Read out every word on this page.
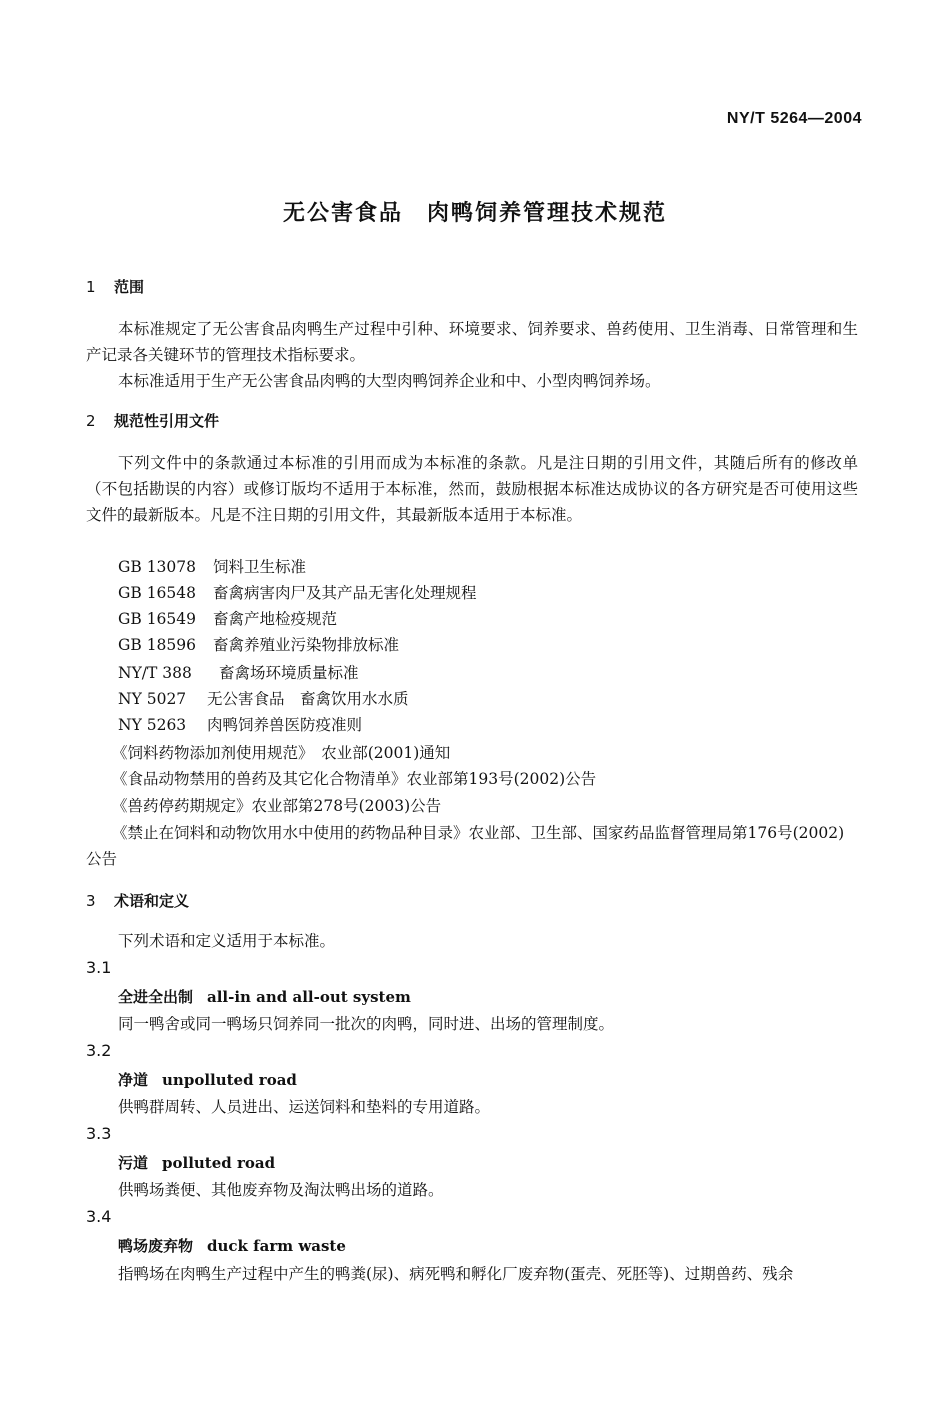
NY/T 5264—2004
无公害食品　肉鸭饲养管理技术规范
1 范围
本标准规定了无公害食品肉鸭生产过程中引种、环境要求、饲养要求、兽药使用、卫生消毒、日常管理和生产记录各关键环节的管理技术指标要求。
本标准适用于生产无公害食品肉鸭的大型肉鸭饲养企业和中、小型肉鸭饲养场。
2 规范性引用文件
下列文件中的条款通过本标准的引用而成为本标准的条款。凡是注日期的引用文件，其随后所有的修改单（不包括勘误的内容）或修订版均不适用于本标准，然而，鼓励根据本标准达成协议的各方研究是否可使用这些文件的最新版本。凡是不注日期的引用文件，其最新版本适用于本标准。
GB 13078 饲料卫生标准
GB 16548 畜禽病害肉尸及其产品无害化处理规程
GB 16549 畜禽产地检疫规范
GB 18596 畜禽养殖业污染物排放标准
NY/T 388 畜禽场环境质量标准
NY 5027 无公害食品　畜禽饮用水水质
NY 5263 肉鸭饲养兽医防疫准则
《饲料药物添加剂使用规范》　农业部(2001)通知
《食品动物禁用的兽药及其它化合物清单》农业部第193号(2002)公告
《兽药停药期规定》农业部第278号(2003)公告
《禁止在饲料和动物饮用水中使用的药物品种目录》农业部、卫生部、国家药品监督管理局第176号(2002)公告
3 术语和定义
下列术语和定义适用于本标准。
3.1
全进全出制 all-in and all-out system
同一鸭舍或同一鸭场只饲养同一批次的肉鸭，同时进、出场的管理制度。
3.2
净道 unpolluted road
供鸭群周转、人员进出、运送饲料和垫料的专用道路。
3.3
污道 polluted road
供鸭场粪便、其他废弃物及淘汰鸭出场的道路。
3.4
鸭场废弃物 duck farm waste
指鸭场在肉鸭生产过程中产生的鸭粪(尿)、病死鸭和孵化厂废弃物(蛋壳、死胚等)、过期兽药、残余
